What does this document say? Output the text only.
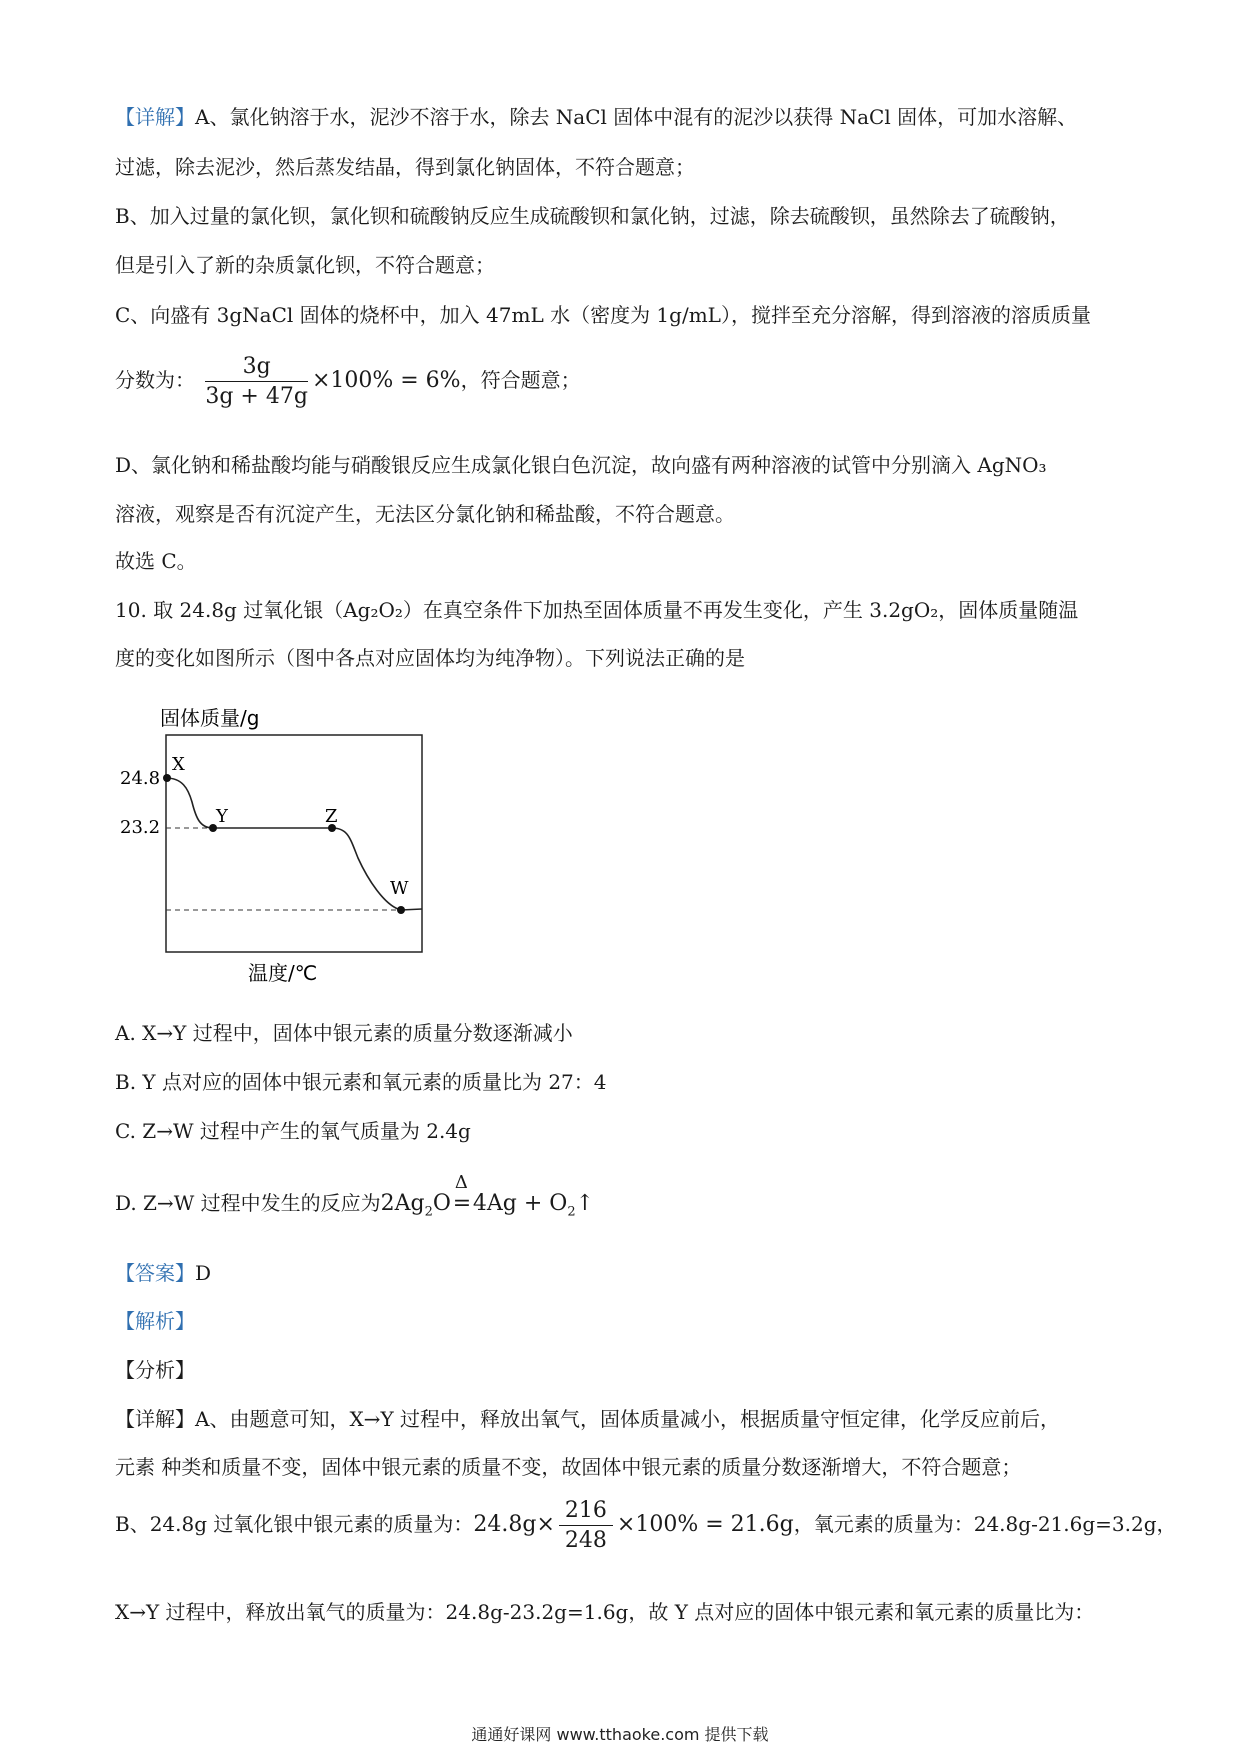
【详解】A、氯化钠溶于水，泥沙不溶于水，除去 NaCl 固体中混有的泥沙以获得 NaCl 固体，可加水溶解、
过滤，除去泥沙，然后蒸发结晶，得到氯化钠固体，不符合题意；
B、加入过量的氯化钡，氯化钡和硫酸钠反应生成硫酸钡和氯化钠，过滤，除去硫酸钡，虽然除去了硫酸钠，
但是引入了新的杂质氯化钡，不符合题意；
C、向盛有 3gNaCl 固体的烧杯中，加入 47mL 水（密度为 1g/mL），搅拌至充分溶解，得到溶液的溶质质量
分数为： $\frac{3g}{3g + 47g} \times 100\% = 6\%$，符合题意；
D、氯化钠和稀盐酸均能与硝酸银反应生成氯化银白色沉淀，故向盛有两种溶液的试管中分别滴入 AgNO₃
溶液，观察是否有沉淀产生，无法区分氯化钠和稀盐酸，不符合题意。
故选 C。
10. 取 24.8g 过氧化银（Ag₂O₂）在真空条件下加热至固体质量不再发生变化，产生 3.2gO₂，固体质量随温
度的变化如图所示（图中各点对应固体均为纯净物）。下列说法正确的是
固体质量/g
24.8
23.2
X
Y	Z
W
温度/℃
A. X→Y 过程中，固体中银元素的质量分数逐渐减小
B. Y 点对应的固体中银元素和氧元素的质量比为 27：4
C. Z→W 过程中产生的氧气质量为 2.4g
D. Z→W 过程中发生的反应为$2Ag_2O$
Δ
$=4Ag + O_2↑$
【答案】D
【解析】
【分析】
【详解】A、由题意可知，X→Y 过程中，释放出氧气，固体质量减小，根据质量守恒定律，化学反应前后，
元素 种类和质量不变，固体中银元素的质量不变，故固体中银元素的质量分数逐渐增大，不符合题意；
B、24.8g 过氧化银中银元素的质量为：$24.8g\times \frac{216}{248} \times 100\% = 21.6g$，氧元素的质量为：24.8g-21.6g=3.2g，
X→Y 过程中，释放出氧气的质量为：24.8g-23.2g=1.6g，故 Y 点对应的固体中银元素和氧元素的质量比为：
通通好课网 www.tthaoke.com 提供下载
